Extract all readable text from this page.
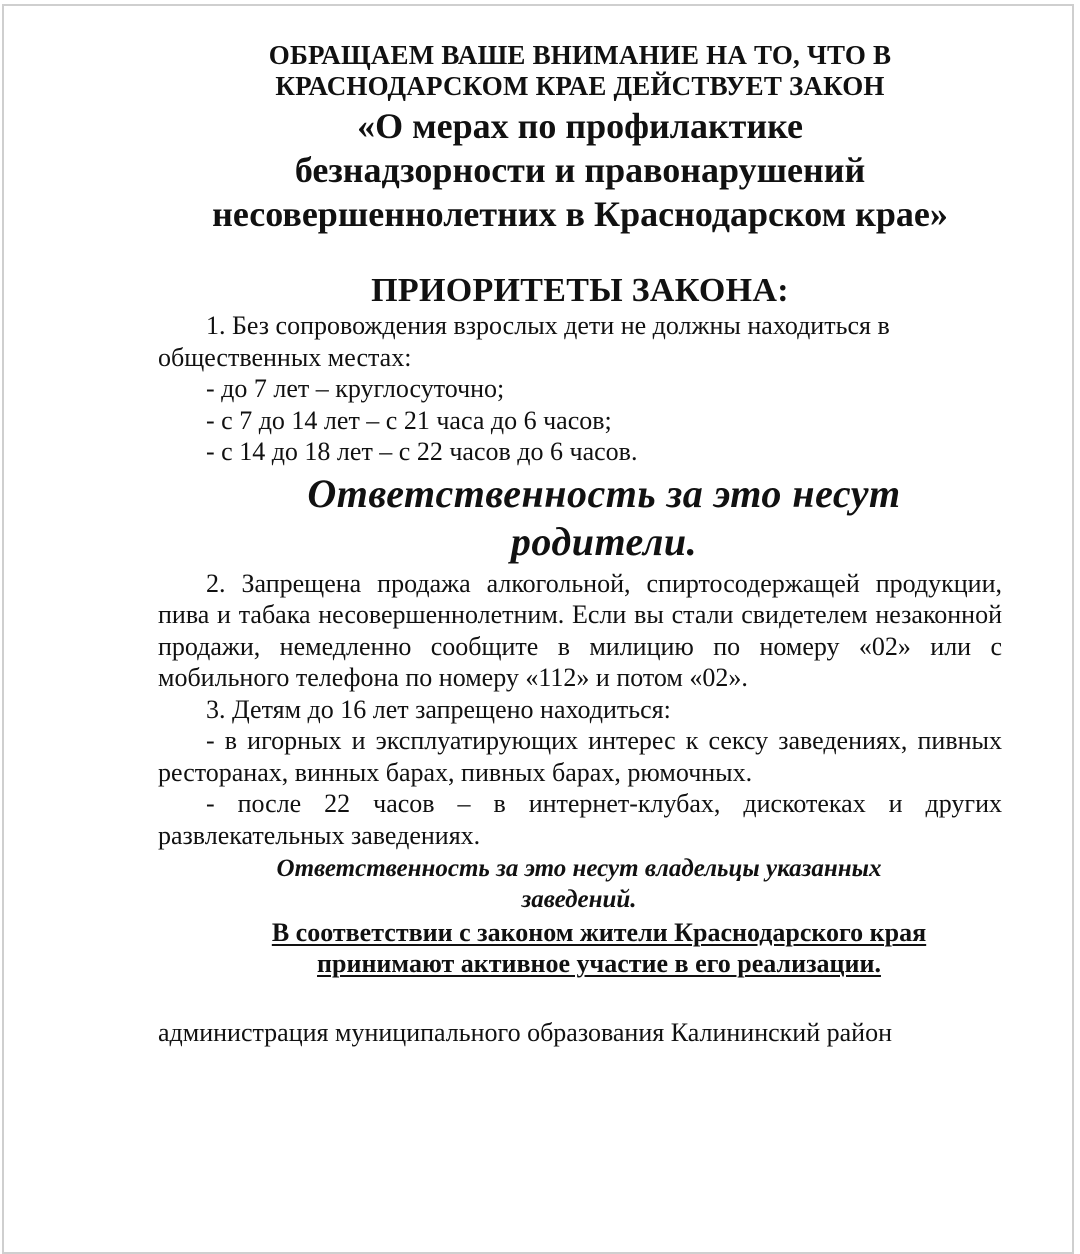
ОБРАЩАЕМ ВАШЕ ВНИМАНИЕ НА ТО, ЧТО В
КРАСНОДАРСКОМ КРАЕ ДЕЙСТВУЕТ ЗАКОН
«О мерах по профилактике
безнадзорности и правонарушений
несовершеннолетних в Краснодарском крае»
ПРИОРИТЕТЫ ЗАКОНА:

1. Без сопровождения взрослых дети не должны находиться в общественных местах:

- до 7 лет – круглосуточно;

- с 7 до 14 лет – с 21 часа до 6 часов;

- с 14 до 18 лет – с 22 часов до 6 часов.

Ответственность за это несут
родители.

2. Запрещена продажа алкогольной, спиртосодержащей продукции, пива и табака несовершеннолетним. Если вы стали свидетелем незаконной продажи, немедленно сообщите в милицию по номеру «02» или с мобильного телефона по номеру «112» и потом «02».

3. Детям до 16 лет запрещено находиться:

- в игорных и эксплуатирующих интерес к сексу заведениях, пивных ресторанах, винных барах, пивных барах, рюмочных.

- после 22 часов – в интернет-клубах, дискотеках и других развлекательных заведениях.

Ответственность за это несут владельцы указанных
заведений.
В соответствии с законом жители Краснодарского края
принимают активное участие в его реализации.
администрация муниципального образования Калининский район
